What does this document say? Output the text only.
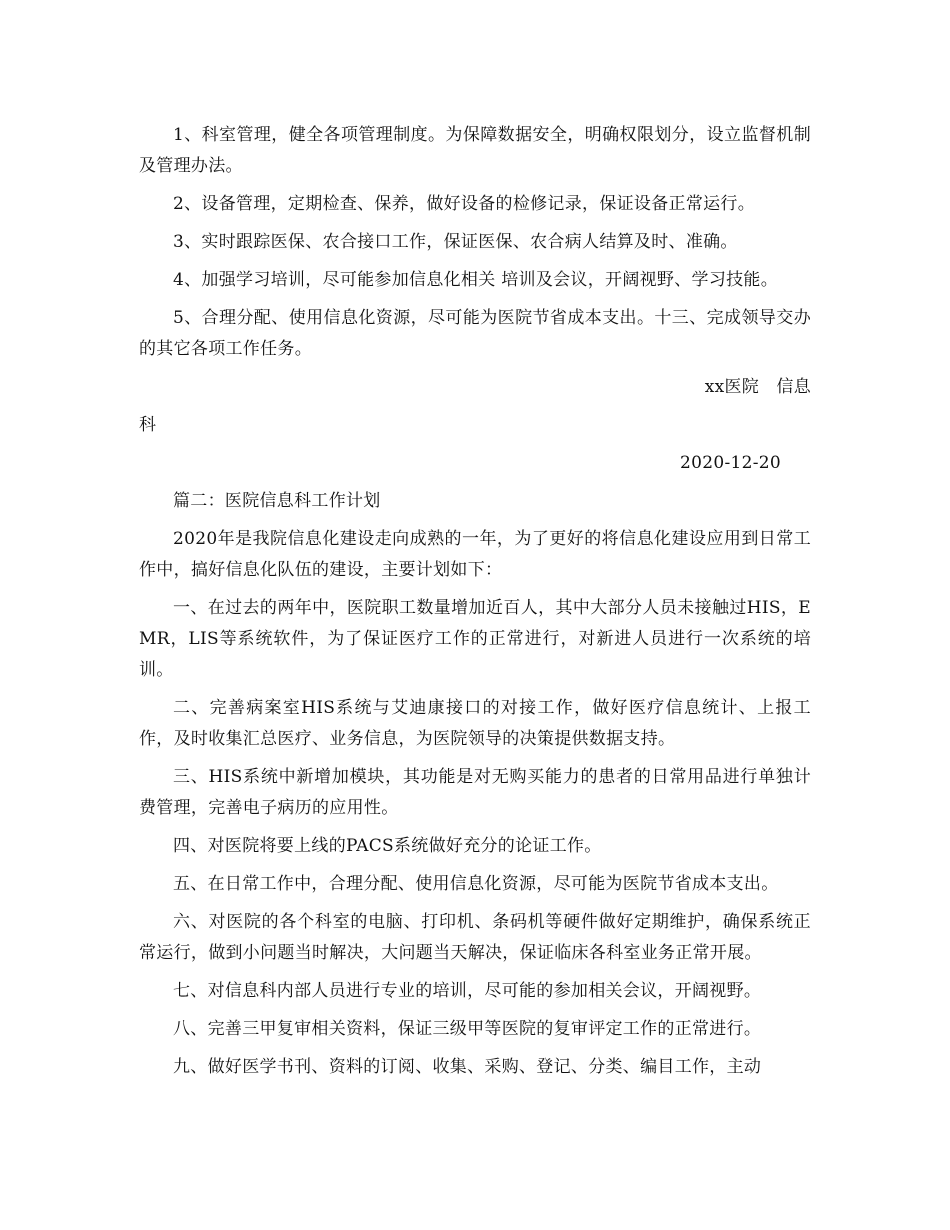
1、科室管理，健全各项管理制度。为保障数据安全，明确权限划分，设立监督机制及管理办法。

2、设备管理，定期检查、保养，做好设备的检修记录，保证设备正常运行。

3、实时跟踪医保、农合接口工作，保证医保、农合病人结算及时、准确。

4、加强学习培训，尽可能参加信息化相关 培训及会议，开阔视野、学习技能。

5、合理分配、使用信息化资源，尽可能为医院节省成本支出。十三、完成领导交办的其它各项工作任务。

xx医院　信息

科

2020-12-20

篇二：医院信息科工作计划

2020年是我院信息化建设走向成熟的一年，为了更好的将信息化建设应用到日常工作中，搞好信息化队伍的建设，主要计划如下：

一、在过去的两年中，医院职工数量增加近百人，其中大部分人员未接触过HIS，EMR，LIS等系统软件，为了保证医疗工作的正常进行，对新进人员进行一次系统的培训。

二、完善病案室HIS系统与艾迪康接口的对接工作，做好医疗信息统计、上报工作，及时收集汇总医疗、业务信息，为医院领导的决策提供数据支持。

三、HIS系统中新增加模块，其功能是对无购买能力的患者的日常用品进行单独计费管理，完善电子病历的应用性。

四、对医院将要上线的PACS系统做好充分的论证工作。

五、在日常工作中，合理分配、使用信息化资源，尽可能为医院节省成本支出。

六、对医院的各个科室的电脑、打印机、条码机等硬件做好定期维护，确保系统正常运行，做到小问题当时解决，大问题当天解决，保证临床各科室业务正常开展。

七、对信息科内部人员进行专业的培训，尽可能的参加相关会议，开阔视野。

八、完善三甲复审相关资料，保证三级甲等医院的复审评定工作的正常进行。

九、做好医学书刊、资料的订阅、收集、采购、登记、分类、编目工作，主动
